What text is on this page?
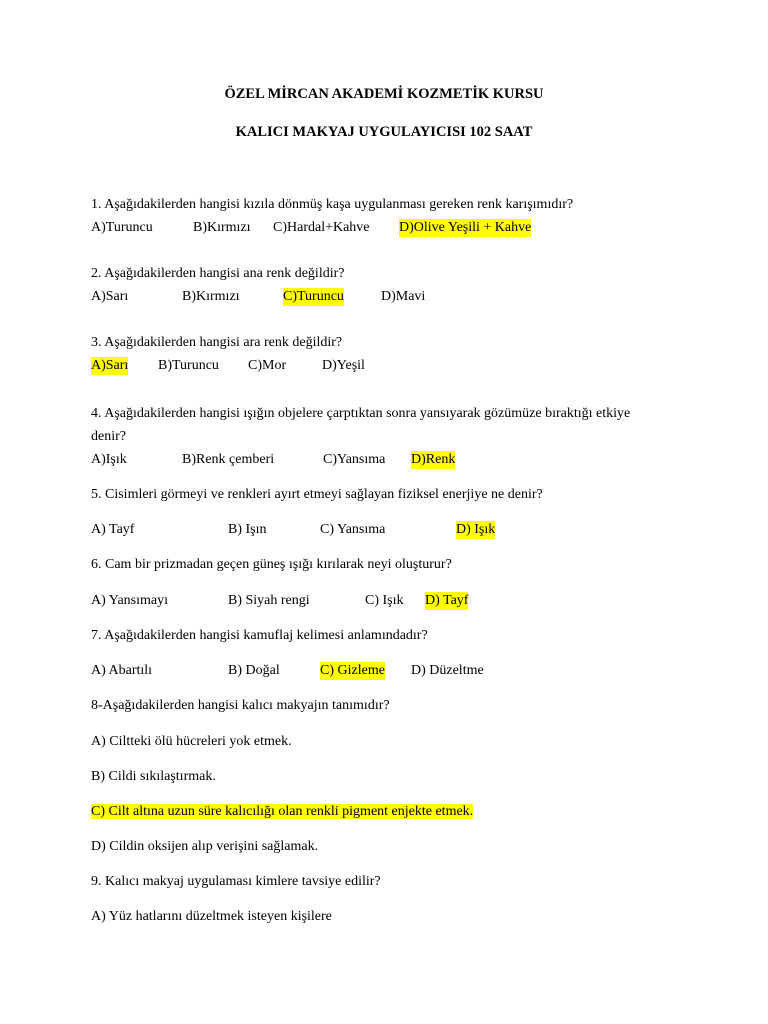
ÖZEL MİRCAN AKADEMİ KOZMETİK KURSU
KALICI MAKYAJ UYGULAYICISI 102 SAAT
1. Aşağıdakilerden hangisi kızıla dönmüş kaşa uygulanması gereken renk karışımıdır?
A)Turuncu	B)Kırmızı C)Hardal+Kahve D)Olive Yeşili + Kahve
2. Aşağıdakilerden hangisi ana renk değildir?
A)Sarı	B)Kırmızı	C)Turuncu	D)Mavi
3. Aşağıdakilerden hangisi ara renk değildir?
A)Sarı B)Turuncu C)Mor	D)Yeşil
4. Aşağıdakilerden hangisi ışığın objelere çarptıktan sonra yansıyarak gözümüze bıraktığı etkiye
denir?
A)Işık	B)Renk çemberi	C)Yansıma D)Renk
5. Cisimleri görmeyi ve renkleri ayırt etmeyi sağlayan fiziksel enerjiye ne denir?
A) Tayf	B) Işın	C) Yansıma	D) Işık
6. Cam bir prizmadan geçen güneş ışığı kırılarak neyi oluşturur?
A) Yansımayı	B) Siyah rengi	C) Işık D) Tayf
7. Aşağıdakilerden hangisi kamuflaj kelimesi anlamındadır?
A) Abartılı	B) Doğal	C) Gizleme D) Düzeltme
8-Aşağıdakilerden hangisi kalıcı makyajın tanımıdır?
A) Ciltteki ölü hücreleri yok etmek.
B) Cildi sıkılaştırmak.
C) Cilt altına uzun süre kalıcılığı olan renkli pigment enjekte etmek.
D) Cildin oksijen alıp verişini sağlamak.
9. Kalıcı makyaj uygulaması kimlere tavsiye edilir?
A) Yüz hatlarını düzeltmek isteyen kişilere
